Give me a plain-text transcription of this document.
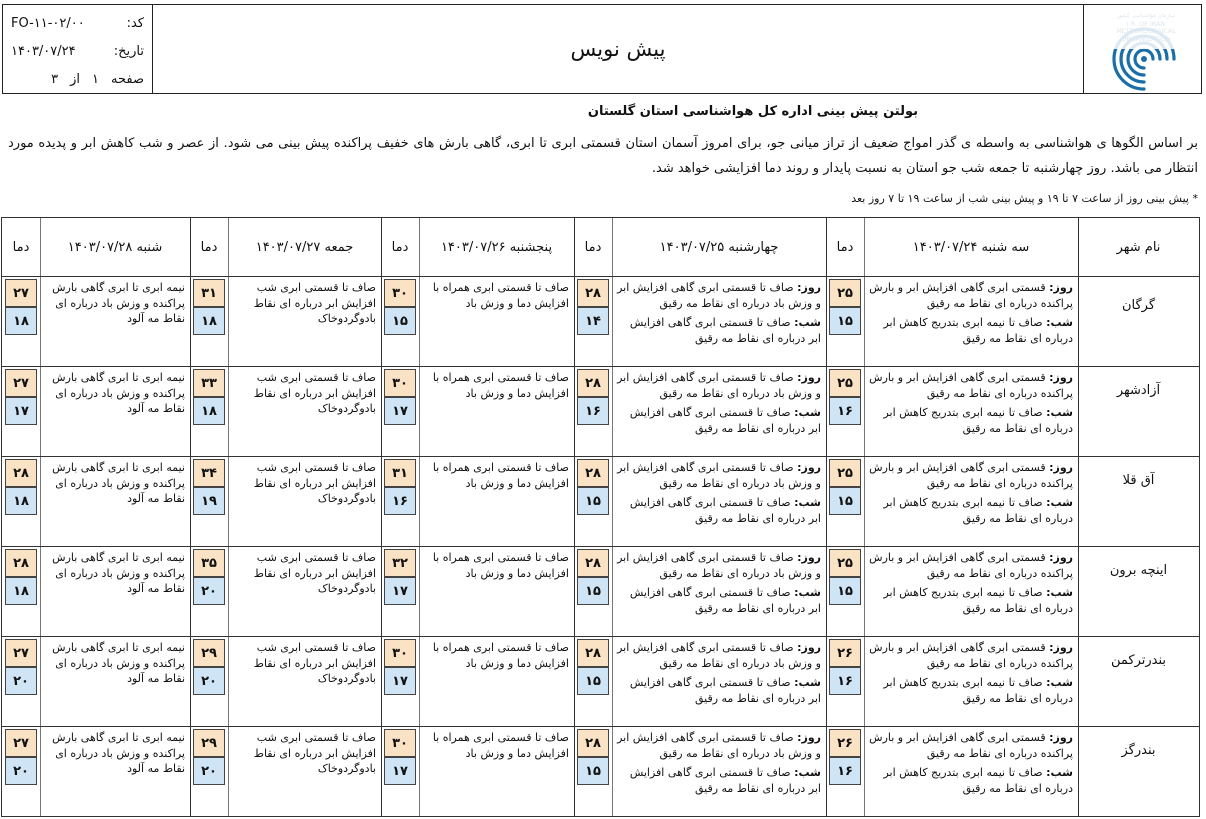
کد:
FO-۱۱-۰۲/۰۰
تاریخ:
۱۴۰۳/۰۷/۲۴
صفحه
۱
از
۳
پیش نویس
بولتن پیش بینی اداره کل هواشناسی استان گلستان
بر اساس الگوها ی هواشناسی به واسطه ی گذر امواج ضعیف از تراز میانی جو، برای امروز آسمان استان قسمتی ابری تا ابری، گاهی بارش های خفیف پراکنده پیش بینی می شود. از عصر و شب کاهش ابر و پدیده مورد انتظار می باشد. روز چهارشنبه تا جمعه شب جو استان به نسبت پایدار و روند دما افزایشی خواهد شد.
* پیش بینی روز از ساعت ۷ تا ۱۹ و پیش بینی شب از ساعت ۱۹ تا ۷ روز بعد
نام شهر
سه شنبه ۱۴۰۳/۰۷/۲۴
دما
چهارشنبه ۱۴۰۳/۰۷/۲۵
دما
پنجشنبه ۱۴۰۳/۰۷/۲۶
دما
جمعه ۱۴۰۳/۰۷/۲۷
دما
شنبه ۱۴۰۳/۰۷/۲۸
دما
گرگان
۲۵
۱۵
روز: قسمتی ابری گاهی افزایش ابر و بارش پراکنده درباره ای نقاط مه رقیق
شب: صاف تا نیمه ابری بتدریج کاهش ابر درباره ای نقاط مه رقیق
۲۸
۱۴
روز: صاف تا قسمتی ابری گاهی افزایش ابر و وزش باد درباره ای نقاط مه رقیق
شب: صاف تا قسمتی ابری گاهی افزایش ابر درباره ای نقاط مه رقیق
۳۰
۱۵
صاف تا قسمتی ابری همراه با افزایش دما و وزش باد
۳۱
۱۸
صاف تا قسمتی ابری شب افزایش ابر درباره ای نقاط بادوگردوخاک
۲۷
۱۸
نیمه ابری تا ابری گاهی بارش پراکنده و وزش باد درباره ای نقاط مه آلود
آزادشهر
۲۵
۱۶
روز: قسمتی ابری گاهی افزایش ابر و بارش پراکنده درباره ای نقاط مه رقیق
شب: صاف تا نیمه ابری بتدریج کاهش ابر درباره ای نقاط مه رقیق
۲۸
۱۶
روز: صاف تا قسمتی ابری گاهی افزایش ابر و وزش باد درباره ای نقاط مه رقیق
شب: صاف تا قسمتی ابری گاهی افزایش ابر درباره ای نقاط مه رقیق
۳۰
۱۷
صاف تا قسمتی ابری همراه با افزایش دما و وزش باد
۳۳
۱۸
صاف تا قسمتی ابری شب افزایش ابر درباره ای نقاط بادوگردوخاک
۲۷
۱۷
نیمه ابری تا ابری گاهی بارش پراکنده و وزش باد درباره ای نقاط مه آلود
آق قلا
۲۵
۱۵
روز: قسمتی ابری گاهی افزایش ابر و بارش پراکنده درباره ای نقاط مه رقیق
شب: صاف تا نیمه ابری بتدریج کاهش ابر درباره ای نقاط مه رقیق
۲۸
۱۵
روز: صاف تا قسمتی ابری گاهی افزایش ابر و وزش باد درباره ای نقاط مه رقیق
شب: صاف تا قسمتی ابری گاهی افزایش ابر درباره ای نقاط مه رقیق
۳۱
۱۶
صاف تا قسمتی ابری همراه با افزایش دما و وزش باد
۳۴
۱۹
صاف تا قسمتی ابری شب افزایش ابر درباره ای نقاط بادوگردوخاک
۲۸
۱۸
نیمه ابری تا ابری گاهی بارش پراکنده و وزش باد درباره ای نقاط مه آلود
اینچه برون
۲۵
۱۵
روز: قسمتی ابری گاهی افزایش ابر و بارش پراکنده درباره ای نقاط مه رقیق
شب: صاف تا نیمه ابری بتدریج کاهش ابر درباره ای نقاط مه رقیق
۲۸
۱۵
روز: صاف تا قسمتی ابری گاهی افزایش ابر و وزش باد درباره ای نقاط مه رقیق
شب: صاف تا قسمتی ابری گاهی افزایش ابر درباره ای نقاط مه رقیق
۳۲
۱۷
صاف تا قسمتی ابری همراه با افزایش دما و وزش باد
۳۵
۲۰
صاف تا قسمتی ابری شب افزایش ابر درباره ای نقاط بادوگردوخاک
۲۸
۱۸
نیمه ابری تا ابری گاهی بارش پراکنده و وزش باد درباره ای نقاط مه آلود
بندرترکمن
۲۶
۱۶
روز: قسمتی ابری گاهی افزایش ابر و بارش پراکنده درباره ای نقاط مه رقیق
شب: صاف تا نیمه ابری بتدریج کاهش ابر درباره ای نقاط مه رقیق
۲۸
۱۵
روز: صاف تا قسمتی ابری گاهی افزایش ابر و وزش باد درباره ای نقاط مه رقیق
شب: صاف تا قسمتی ابری گاهی افزایش ابر درباره ای نقاط مه رقیق
۳۰
۱۷
صاف تا قسمتی ابری همراه با افزایش دما و وزش باد
۲۹
۲۰
صاف تا قسمتی ابری شب افزایش ابر درباره ای نقاط بادوگردوخاک
۲۷
۲۰
نیمه ابری تا ابری گاهی بارش پراکنده و وزش باد درباره ای نقاط مه آلود
بندرگز
۲۶
۱۶
روز: قسمتی ابری گاهی افزایش ابر و بارش پراکنده درباره ای نقاط مه رقیق
شب: صاف تا نیمه ابری بتدریج کاهش ابر درباره ای نقاط مه رقیق
۲۸
۱۵
روز: صاف تا قسمتی ابری گاهی افزایش ابر و وزش باد درباره ای نقاط مه رقیق
شب: صاف تا قسمتی ابری گاهی افزایش ابر درباره ای نقاط مه رقیق
۳۰
۱۷
صاف تا قسمتی ابری همراه با افزایش دما و وزش باد
۲۹
۲۰
صاف تا قسمتی ابری شب افزایش ابر درباره ای نقاط بادوگردوخاک
۲۷
۲۰
نیمه ابری تا ابری گاهی بارش پراکنده و وزش باد درباره ای نقاط مه آلود
